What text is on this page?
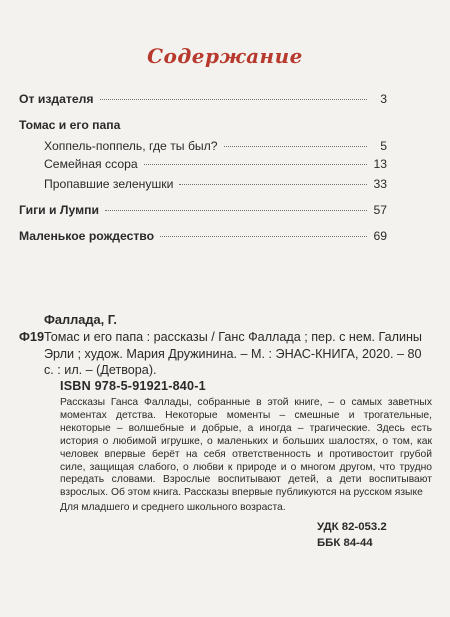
Содержание
От издателя	3
Томас и его папа
Хоппель-поппель, где ты был?	5
Семейная ссора	13
Пропавшие зеленушки	33
Гиги и Лумпи	57
Маленькое рождество	69
Фаллада, Г.
Ф19 Томас и его папа : рассказы / Ганс Фаллада ; пер. с нем. Галины Эрли ; худож. Мария Дружинина. – М. : ЭНАС-КНИГА, 2020. – 80 с. : ил. – (Детвора).
ISBN 978-5-91921-840-1

Рассказы Ганса Фаллады, собранные в этой книге, – о самых заветных моментах детства. Некоторые моменты – смешные и трогательные, некоторые – волшебные и добрые, а иногда – трагические. Здесь есть история о любимой игрушке, о маленьких и больших шалостях, о том, как человек впервые берёт на себя ответственность и противостоит грубой силе, защищая слабого, о любви к природе и о многом другом, что трудно передать словами. Взрослые воспитывают детей, а дети воспитывают взрослых. Об этом книга. Рассказы впервые публикуются на русском языке

Для младшего и среднего школьного возраста.

УДК 82-053.2
ББК 84-44
